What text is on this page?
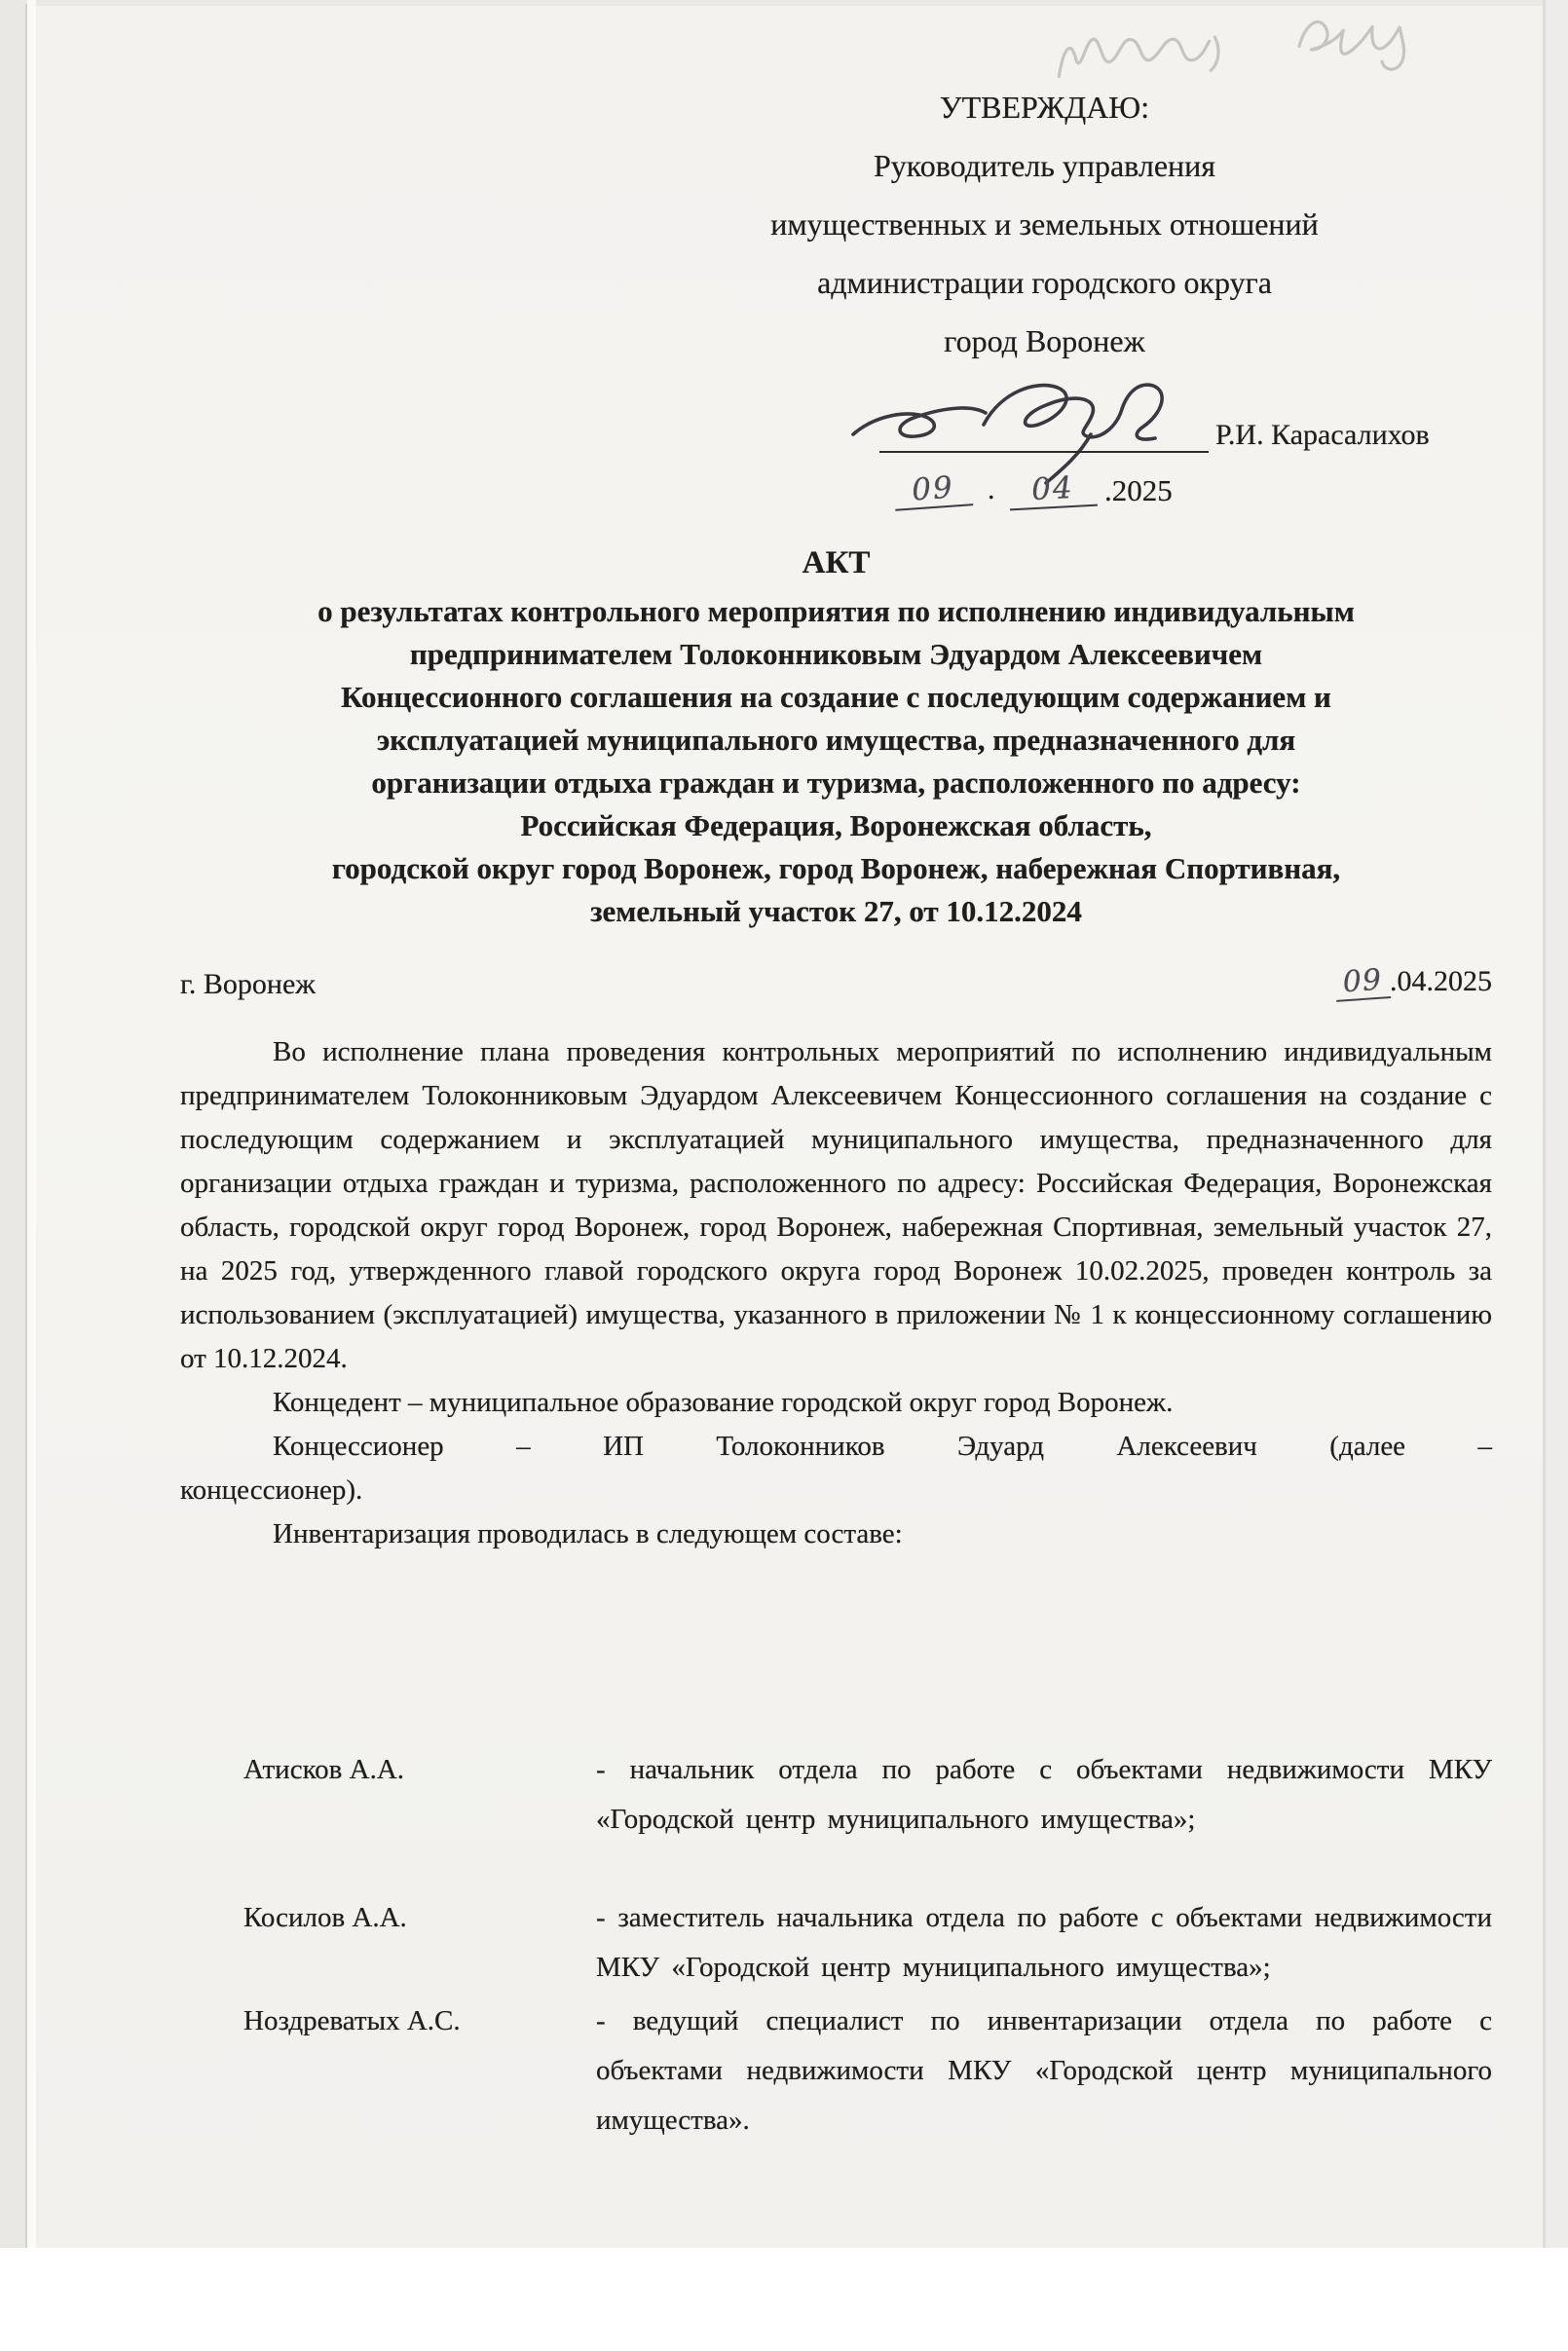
УТВЕРЖДАЮ:
Руководитель управления
имущественных и земельных отношений
администрации городского округа
город Воронеж
Р.И. Карасалихов
09	.	04 .2025
АКТ
о результатах контрольного мероприятия по исполнению индивидуальным
предпринимателем Толоконниковым Эдуардом Алексеевичем
Концессионного соглашения на создание с последующим содержанием и
эксплуатацией муниципального имущества, предназначенного для
организации отдыха граждан и туризма, расположенного по адресу:
Российская Федерация, Воронежская область,
городской округ город Воронеж, город Воронеж, набережная Спортивная,
земельный участок 27, от 10.12.2024
г. Воронеж	09 .04.2025

Во исполнение плана проведения контрольных мероприятий по исполнению индивидуальным предпринимателем Толоконниковым Эдуардом Алексеевичем Концессионного соглашения на создание с последующим содержанием и эксплуатацией муниципального имущества, предназначенного для организации отдыха граждан и туризма, расположенного по адресу: Российская Федерация, Воронежская область, городской округ город Воронеж, город Воронеж, набережная Спортивная, земельный участок 27, на 2025 год, утвержденного главой городского округа город Воронеж 10.02.2025, проведен контроль за использованием (эксплуатацией) имущества, указанного в приложении № 1 к концессионному соглашению от 10.12.2024.

Концедент – муниципальное образование городской округ город Воронеж.

Концессионер – ИП Толоконников Эдуард Алексеевич (далее –

концессионер).

Инвентаризация проводилась в следующем составе:

Атисков А.А.	- начальник отдела по работе с объектами недвижимости МКУ «Городской центр муниципального имущества»;
Косилов А.А.	- заместитель начальника отдела по работе с объектами недвижимости МКУ «Городской центр муниципального имущества»;
Ноздреватых А.С.	- ведущий специалист по инвентаризации отдела по работе с объектами недвижимости МКУ «Городской центр муниципального имущества».
